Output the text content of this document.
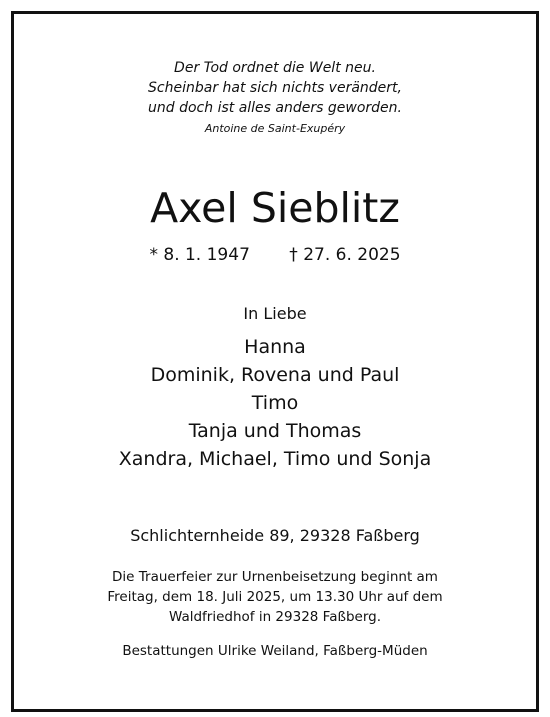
Der Tod ordnet die Welt neu.
Scheinbar hat sich nichts verändert,
und doch ist alles anders geworden.
Antoine de Saint-Exupéry
Axel Sieblitz
* 8. 1. 1947 † 27. 6. 2025
In Liebe
Hanna
Dominik, Rovena und Paul
Timo
Tanja und Thomas
Xandra, Michael, Timo und Sonja
Schlichternheide 89, 29328 Faßberg
Die Trauerfeier zur Urnenbeisetzung beginnt am
Freitag, dem 18. Juli 2025, um 13.30 Uhr auf dem
Waldfriedhof in 29328 Faßberg.
Bestattungen Ulrike Weiland, Faßberg-Müden
